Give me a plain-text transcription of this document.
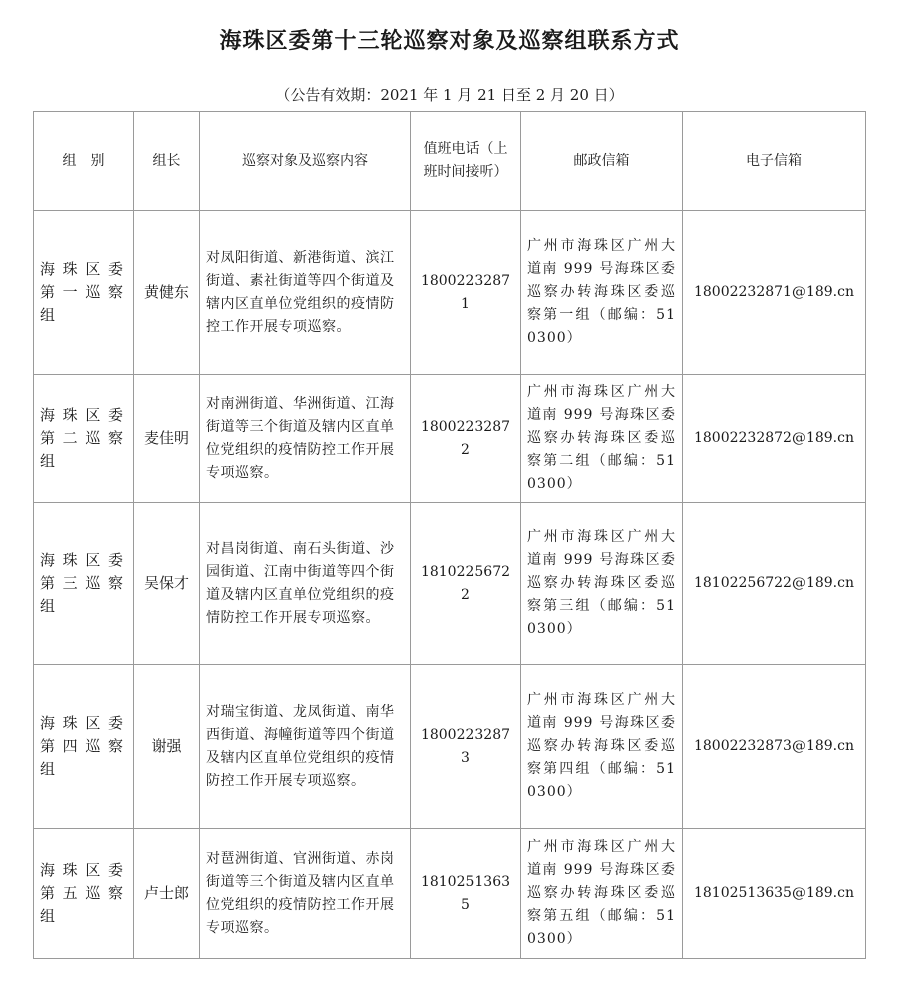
海珠区委第十三轮巡察对象及巡察组联系方式
（公告有效期：2021 年 1 月 21 日至 2 月 20 日）
组　别	组长	巡察对象及巡察内容	值班电话（上班时间接听）	邮政信箱	电子信箱
海珠区委第一巡察组	黄健东	对凤阳街道、新港街道、滨江街道、素社街道等四个街道及辖内区直单位党组织的疫情防控工作开展专项巡察。	18002232871	广州市海珠区广州大道南 999 号海珠区委巡察办转海珠区委巡察第一组（邮编：510300）	18002232871@189.cn
海珠区委第二巡察组	麦佳明	对南洲街道、华洲街道、江海街道等三个街道及辖内区直单位党组织的疫情防控工作开展专项巡察。	18002232872	广州市海珠区广州大道南 999 号海珠区委巡察办转海珠区委巡察第二组（邮编：510300）	18002232872@189.cn
海珠区委第三巡察组	吴保才	对昌岗街道、南石头街道、沙园街道、江南中街道等四个街道及辖内区直单位党组织的疫情防控工作开展专项巡察。	18102256722	广州市海珠区广州大道南 999 号海珠区委巡察办转海珠区委巡察第三组（邮编：510300）	18102256722@189.cn
海珠区委第四巡察组	谢强	对瑞宝街道、龙凤街道、南华西街道、海幢街道等四个街道及辖内区直单位党组织的疫情防控工作开展专项巡察。	18002232873	广州市海珠区广州大道南 999 号海珠区委巡察办转海珠区委巡察第四组（邮编：510300）	18002232873@189.cn
海珠区委第五巡察组	卢士郎	对琶洲街道、官洲街道、赤岗街道等三个街道及辖内区直单位党组织的疫情防控工作开展专项巡察。	18102513635	广州市海珠区广州大道南 999 号海珠区委巡察办转海珠区委巡察第五组（邮编：510300）	18102513635@189.cn
